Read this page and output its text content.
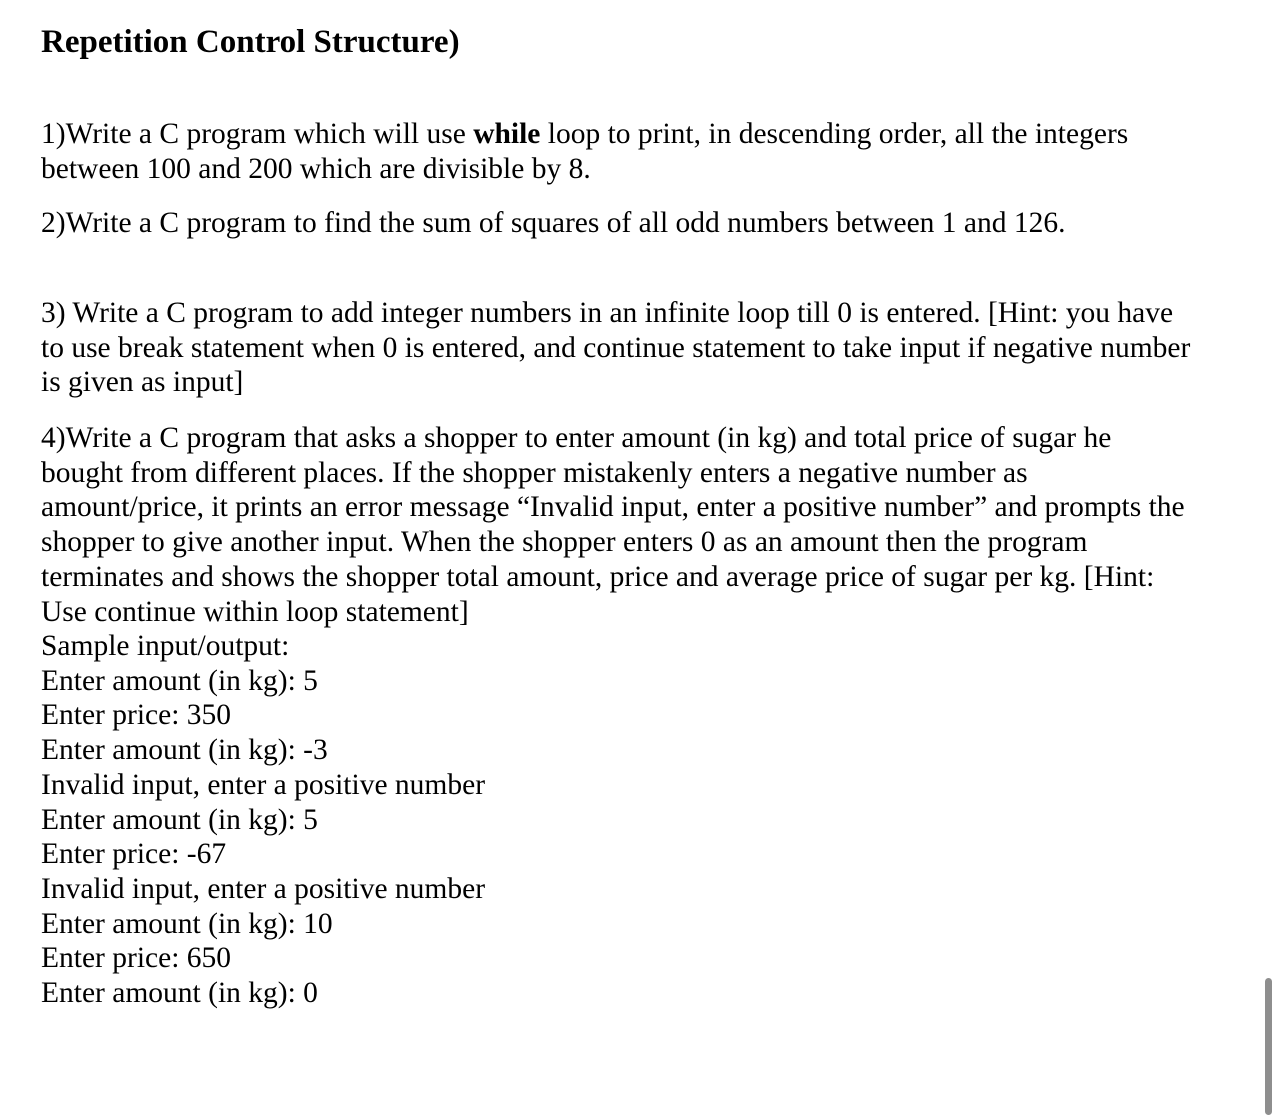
Repetition Control Structure)

1)Write a C program which will use while loop to print, in descending order, all the integers
between 100 and 200 which are divisible by 8.

2)Write a C program to find the sum of squares of all odd numbers between 1 and 126.

3) Write a C program to add integer numbers in an infinite loop till 0 is entered. [Hint: you have
to use break statement when 0 is entered, and continue statement to take input if negative number
is given as input]

4)Write a C program that asks a shopper to enter amount (in kg) and total price of sugar he
bought from different places. If the shopper mistakenly enters a negative number as
amount/price, it prints an error message “Invalid input, enter a positive number” and prompts the
shopper to give another input. When the shopper enters 0 as an amount then the program
terminates and shows the shopper total amount, price and average price of sugar per kg. [Hint:
Use continue within loop statement]

Sample input/output:
Enter amount (in kg): 5
Enter price: 350
Enter amount (in kg): -3
Invalid input, enter a positive number
Enter amount (in kg): 5
Enter price: -67
Invalid input, enter a positive number
Enter amount (in kg): 10
Enter price: 650
Enter amount (in kg): 0
